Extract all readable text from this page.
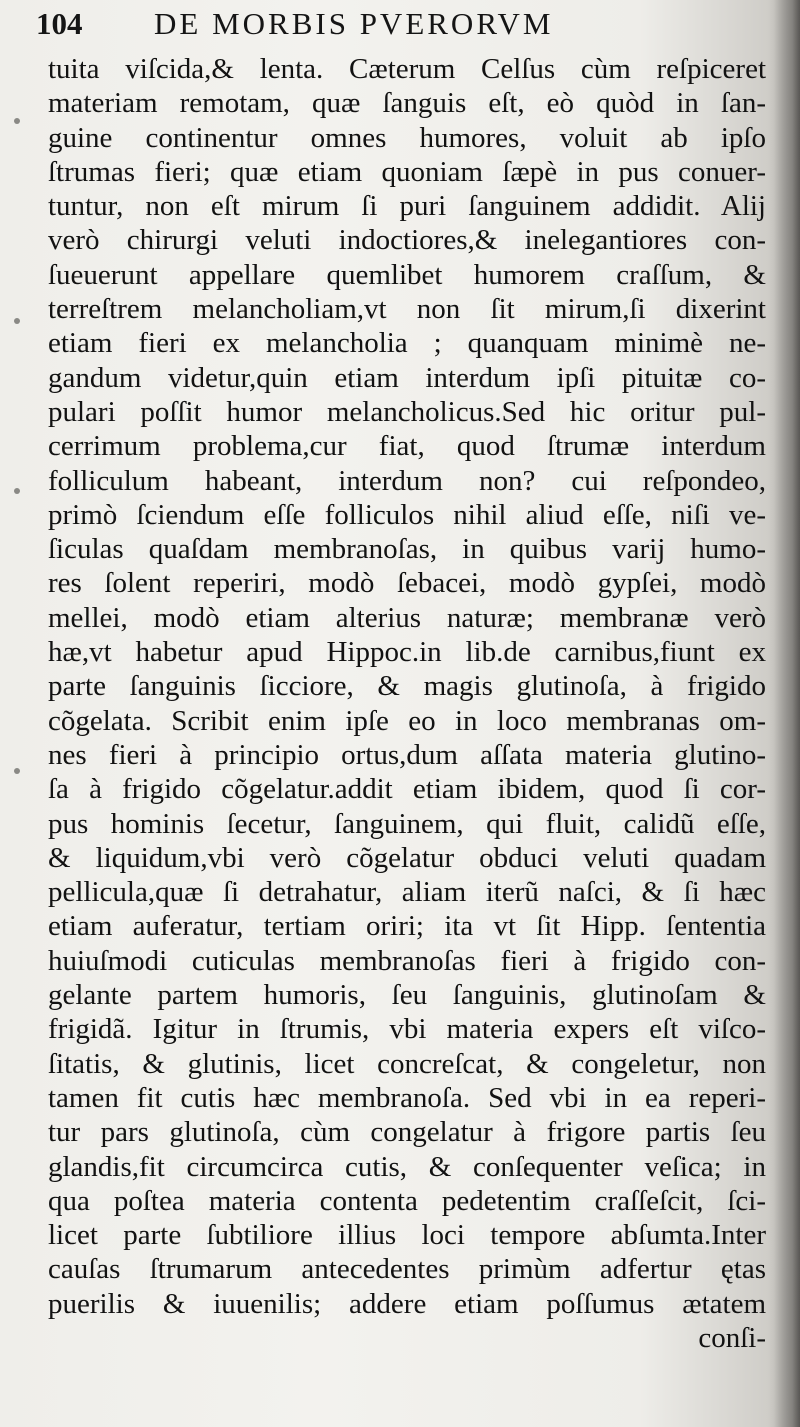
104	DE MORBIS PVERORVM
tuita viſcida,& lenta. Cæterum Celſus cùm reſpiceret
materiam remotam, quæ ſanguis eſt, eò quòd in ſan-
guine continentur omnes humores, voluit ab ipſo
ſtrumas fieri; quæ etiam quoniam ſæpè in pus conuer-
tuntur, non eſt mirum ſi puri ſanguinem addidit. Alij
verò chirurgi veluti indoctiores,& inelegantiores con-
ſueuerunt appellare quemlibet humorem craſſum, &
terreſtrem melancholiam,vt non ſit mirum,ſi dixerint
etiam fieri ex melancholia ; quanquam minimè ne-
gandum videtur,quin etiam interdum ipſi pituitæ co-
pulari poſſit humor melancholicus.Sed hic oritur pul-
cerrimum problema,cur fiat, quod ſtrumæ interdum
folliculum habeant, interdum non? cui reſpondeo,
primò ſciendum eſſe folliculos nihil aliud eſſe, niſi ve-
ſiculas quaſdam membranoſas, in quibus varij humo-
res ſolent reperiri, modò ſebacei, modò gypſei, modò
mellei, modò etiam alterius naturæ; membranæ verò
hæ,vt habetur apud Hippoc.in lib.de carnibus,fiunt ex
parte ſanguinis ſicciore, & magis glutinoſa, à frigido
cõgelata. Scribit enim ipſe eo in loco membranas om-
nes fieri à principio ortus,dum aſſata materia glutino-
ſa à frigido cõgelatur.addit etiam ibidem, quod ſi cor-
pus hominis ſecetur, ſanguinem, qui fluit, calidũ eſſe,
& liquidum,vbi verò cõgelatur obduci veluti quadam
pellicula,quæ ſi detrahatur, aliam iterũ naſci, & ſi hæc
etiam auferatur, tertiam oriri; ita vt ſit Hipp. ſententia
huiuſmodi cuticulas membranoſas fieri à frigido con-
gelante partem humoris, ſeu ſanguinis, glutinoſam &
frigidã. Igitur in ſtrumis, vbi materia expers eſt viſco-
ſitatis, & glutinis, licet concreſcat, & congeletur, non
tamen fit cutis hæc membranoſa. Sed vbi in ea reperi-
tur pars glutinoſa, cùm congelatur à frigore partis ſeu
glandis,fit circumcirca cutis, & conſequenter veſica; in
qua poſtea materia contenta pedetentim craſſeſcit, ſci-
licet parte ſubtiliore illius loci tempore abſumta.Inter
cauſas ſtrumarum antecedentes primùm adfertur ętas
puerilis & iuuenilis; addere etiam poſſumus ætatem
conſi-
